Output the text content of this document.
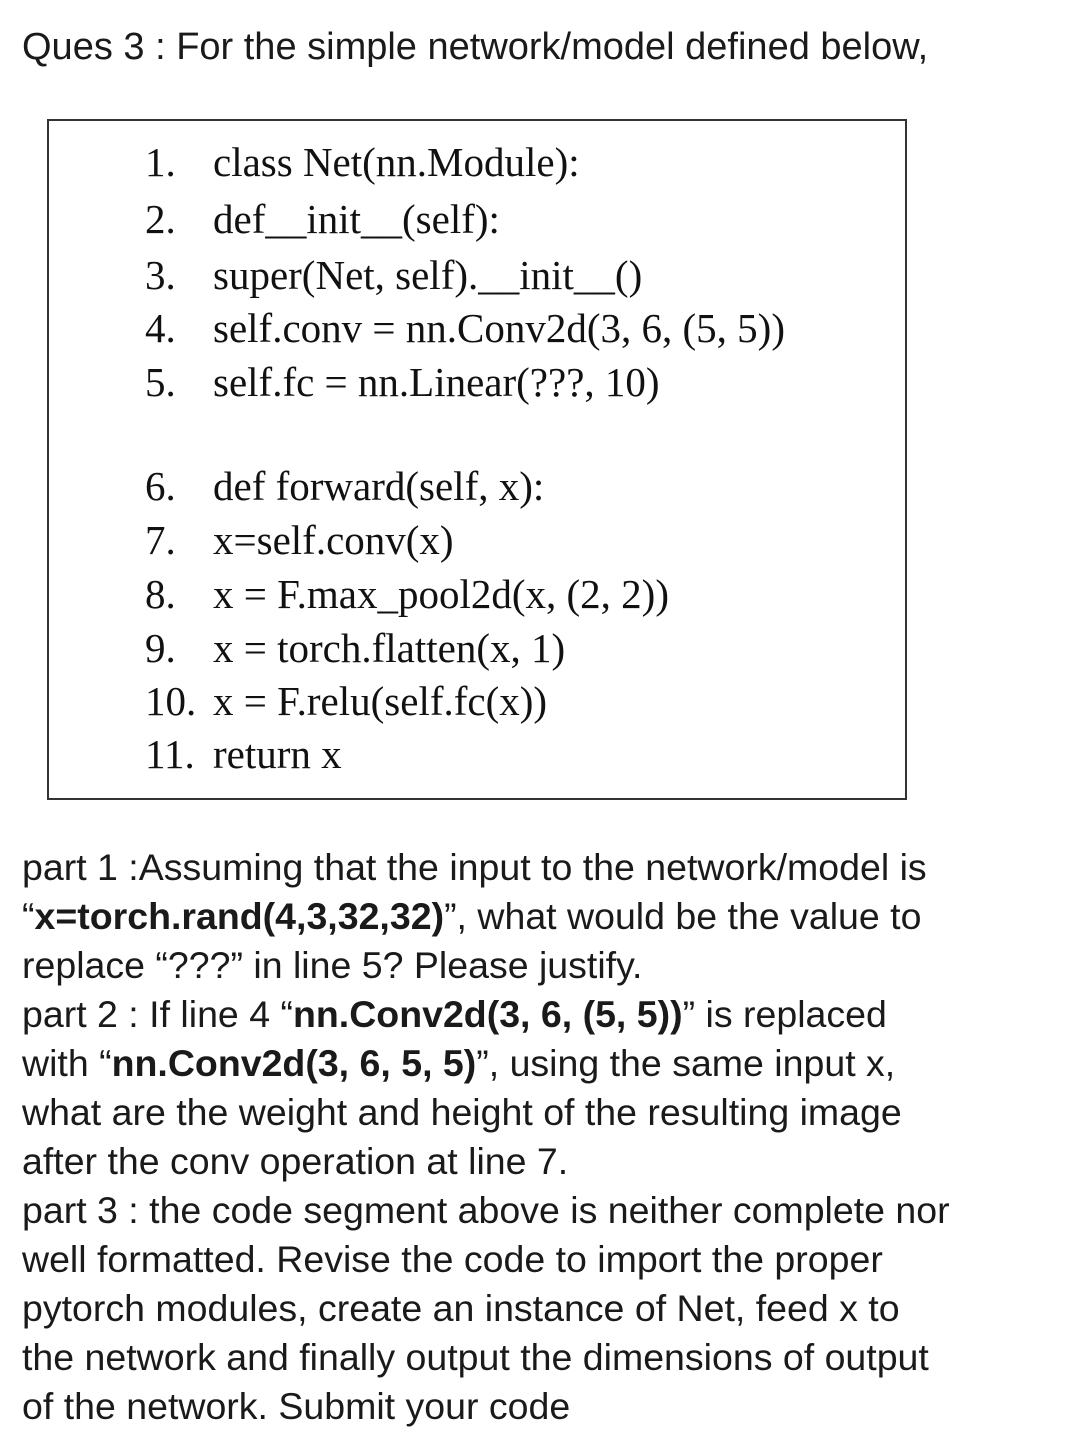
Ques 3 : For the simple network/model defined below,
1. class Net(nn.Module):
2. def__init__(self):
3. super(Net, self).__init__()
4. self.conv = nn.Conv2d(3, 6, (5, 5))
5. self.fc = nn.Linear(???, 10)
6. def forward(self, x):
7. x=self.conv(x)
8. x = F.max_pool2d(x, (2, 2))
9. x = torch.flatten(x, 1)
10. x = F.relu(self.fc(x))
11. return x
part 1 :Assuming that the input to the network/model is
“x=torch.rand(4,3,32,32)”, what would be the value to
replace “???” in line 5? Please justify.
part 2 : If line 4 “nn.Conv2d(3, 6, (5, 5))” is replaced
with “nn.Conv2d(3, 6, 5, 5)”, using the same input x,
what are the weight and height of the resulting image
after the conv operation at line 7.
part 3 : the code segment above is neither complete nor
well formatted. Revise the code to import the proper
pytorch modules, create an instance of Net, feed x to
the network and finally output the dimensions of output
of the network. Submit your code
